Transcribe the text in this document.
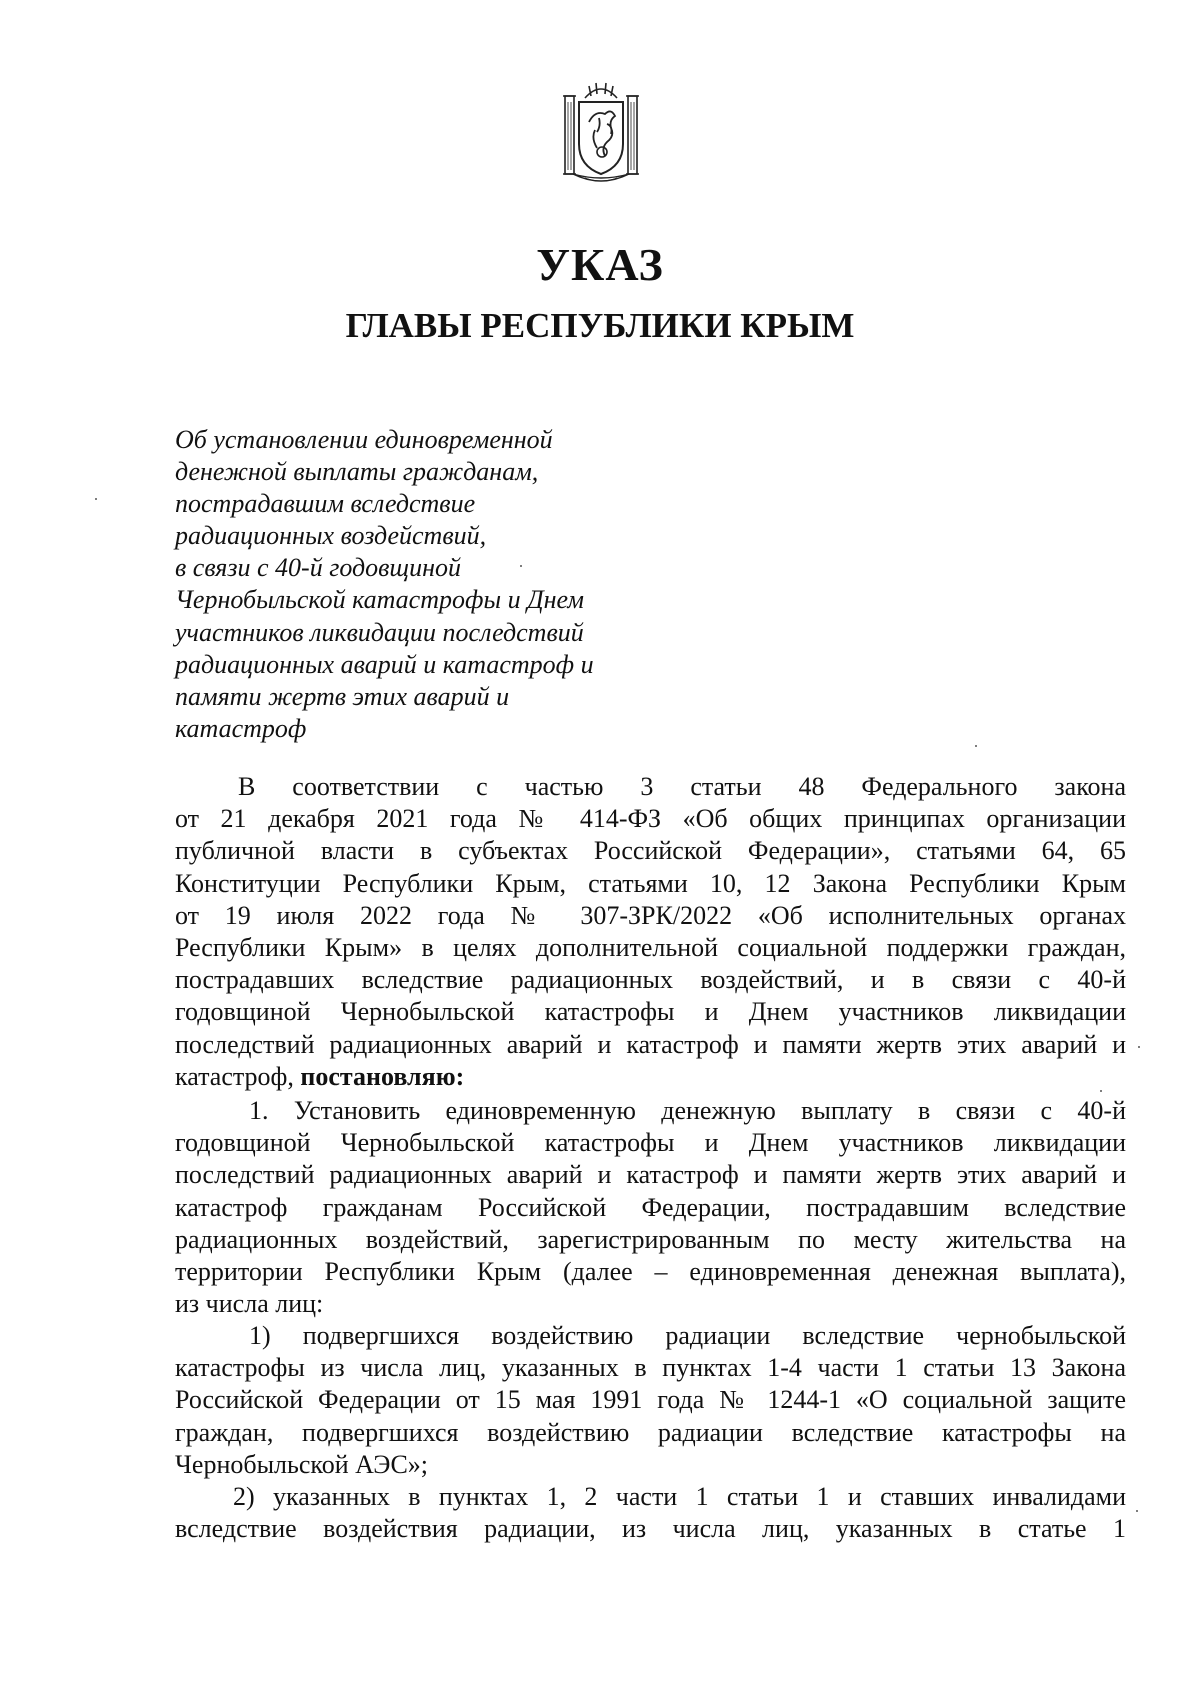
УКАЗ
ГЛАВЫ РЕСПУБЛИКИ КРЫМ
Об установлении единовременной
денежной выплаты гражданам,
пострадавшим вследствие
радиационных воздействий,
в связи с 40-й годовщиной
Чернобыльской катастрофы и Днем
участников ликвидации последствий
радиационных аварий и катастроф и
памяти жертв этих аварий и
катастроф
В соответствии с частью 3 статьи 48 Федерального закона
от 21 декабря 2021 года № 414-ФЗ «Об общих принципах организации
публичной власти в субъектах Российской Федерации», статьями 64, 65
Конституции Республики Крым, статьями 10, 12 Закона Республики Крым
от 19 июля 2022 года № 307-ЗРК/2022 «Об исполнительных органах
Республики Крым» в целях дополнительной социальной поддержки граждан,
пострадавших вследствие радиационных воздействий, и в связи с 40-й
годовщиной Чернобыльской катастрофы и Днем участников ликвидации
последствий радиационных аварий и катастроф и памяти жертв этих аварий и
катастроф, постановляю:
1. Установить единовременную денежную выплату в связи с 40-й
годовщиной Чернобыльской катастрофы и Днем участников ликвидации
последствий радиационных аварий и катастроф и памяти жертв этих аварий и
катастроф гражданам Российской Федерации, пострадавшим вследствие
радиационных воздействий, зарегистрированным по месту жительства на
территории Республики Крым (далее – единовременная денежная выплата),
из числа лиц:
1) подвергшихся воздействию радиации вследствие чернобыльской
катастрофы из числа лиц, указанных в пунктах 1-4 части 1 статьи 13 Закона
Российской Федерации от 15 мая 1991 года № 1244-1 «О социальной защите
граждан, подвергшихся воздействию радиации вследствие катастрофы на
Чернобыльской АЭС»;
2) указанных в пунктах 1, 2 части 1 статьи 1 и ставших инвалидами
вследствие воздействия радиации, из числа лиц, указанных в статье 1
